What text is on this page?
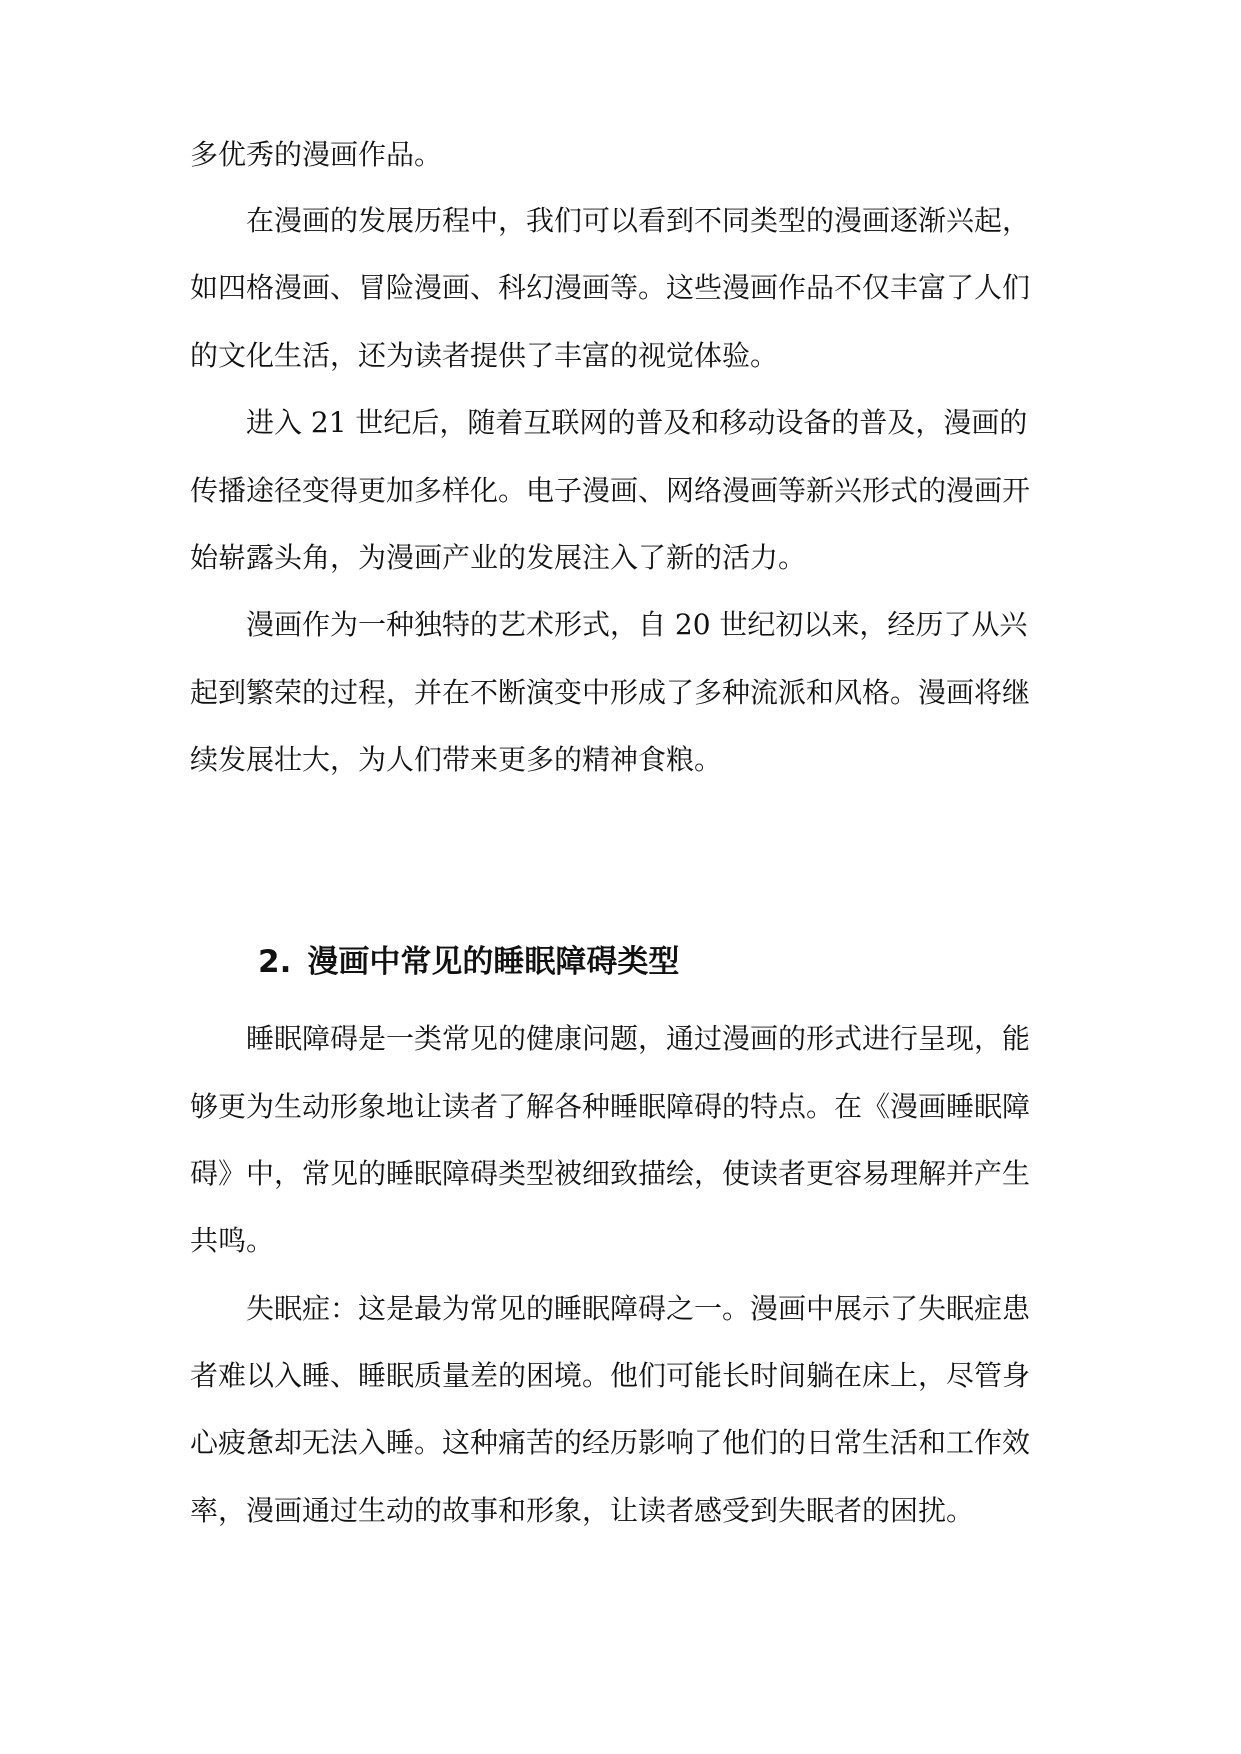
多优秀的漫画作品。

在漫画的发展历程中，我们可以看到不同类型的漫画逐渐兴起，

如四格漫画、冒险漫画、科幻漫画等。这些漫画作品不仅丰富了人们

的文化生活，还为读者提供了丰富的视觉体验。

进入 21 世纪后，随着互联网的普及和移动设备的普及，漫画的

传播途径变得更加多样化。电子漫画、网络漫画等新兴形式的漫画开

始崭露头角，为漫画产业的发展注入了新的活力。

漫画作为一种独特的艺术形式，自 20 世纪初以来，经历了从兴

起到繁荣的过程，并在不断演变中形成了多种流派和风格。漫画将继

续发展壮大，为人们带来更多的精神食粮。

2. 漫画中常见的睡眠障碍类型

睡眠障碍是一类常见的健康问题，通过漫画的形式进行呈现，能

够更为生动形象地让读者了解各种睡眠障碍的特点。在《漫画睡眠障

碍》中，常见的睡眠障碍类型被细致描绘，使读者更容易理解并产生

共鸣。

失眠症：这是最为常见的睡眠障碍之一。漫画中展示了失眠症患

者难以入睡、睡眠质量差的困境。他们可能长时间躺在床上，尽管身

心疲惫却无法入睡。这种痛苦的经历影响了他们的日常生活和工作效

率，漫画通过生动的故事和形象，让读者感受到失眠者的困扰。
